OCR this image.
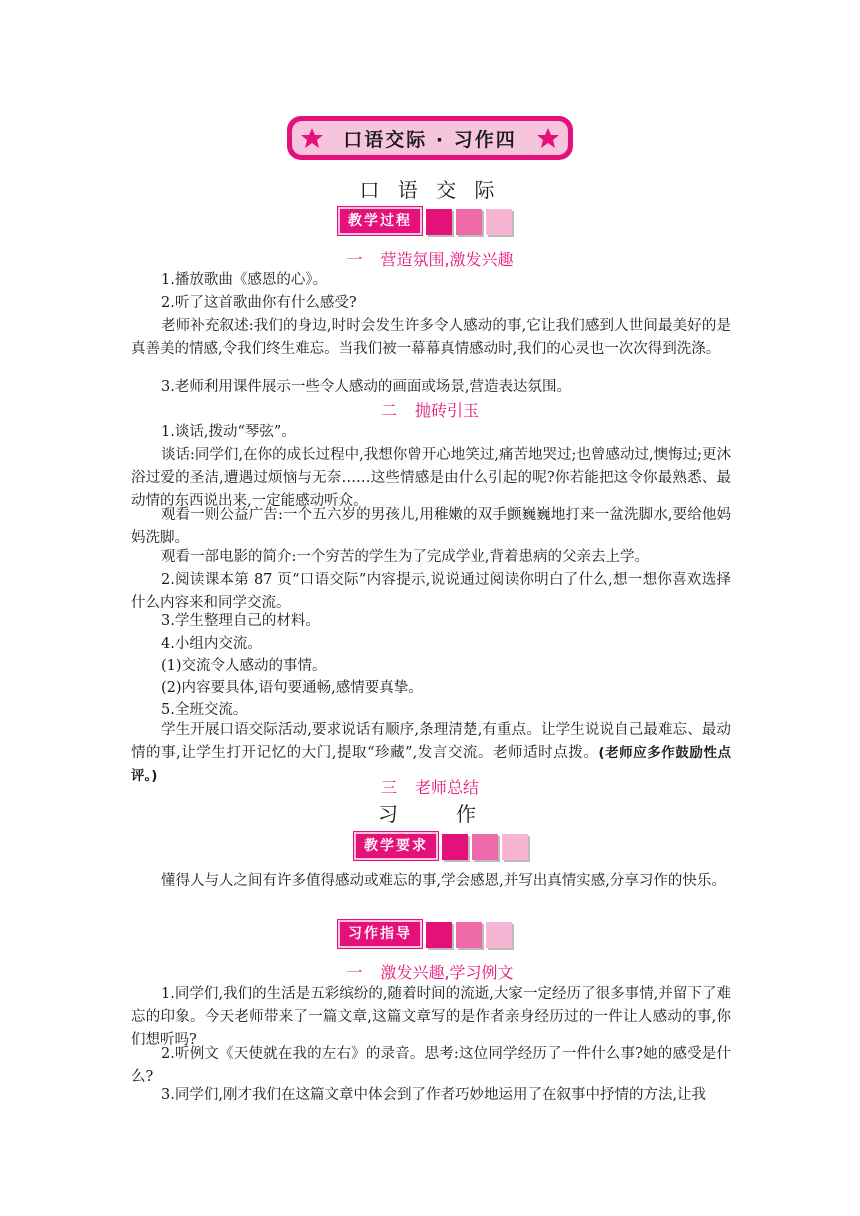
口语交际 · 习作四
口 语 交 际
教学过程
一 营造氛围,激发兴趣

1.播放歌曲《感恩的心》。

2.听了这首歌曲你有什么感受?

老师补充叙述:我们的身边,时时会发生许多令人感动的事,它让我们感到人世间最美好的是真善美的情感,令我们终生难忘。当我们被一幕幕真情感动时,我们的心灵也一次次得到洗涤。

3.老师利用课件展示一些令人感动的画面或场景,营造表达氛围。

二 抛砖引玉

1.谈话,拨动“琴弦”。

谈话:同学们,在你的成长过程中,我想你曾开心地笑过,痛苦地哭过;也曾感动过,懊悔过;更沐浴过爱的圣洁,遭遇过烦恼与无奈……这些情感是由什么引起的呢?你若能把这令你最熟悉、最动情的东西说出来,一定能感动听众。

观看一则公益广告:一个五六岁的男孩儿,用稚嫩的双手颤巍巍地打来一盆洗脚水,要给他妈妈洗脚。

观看一部电影的简介:一个穷苦的学生为了完成学业,背着患病的父亲去上学。

2.阅读课本第 87 页“口语交际”内容提示,说说通过阅读你明白了什么,想一想你喜欢选择什么内容来和同学交流。

3.学生整理自己的材料。

4.小组内交流。

(1)交流令人感动的事情。

(2)内容要具体,语句要通畅,感情要真挚。

5.全班交流。

学生开展口语交际活动,要求说话有顺序,条理清楚,有重点。让学生说说自己最难忘、最动情的事,让学生打开记忆的大门,提取“珍藏”,发言交流。老师适时点拨。(老师应多作鼓励性点评。)

三 老师总结
习　　作
教学要求

懂得人与人之间有许多值得感动或难忘的事,学会感恩,并写出真情实感,分享习作的快乐。

习作指导
一 激发兴趣,学习例文

1.同学们,我们的生活是五彩缤纷的,随着时间的流逝,大家一定经历了很多事情,并留下了难忘的印象。今天老师带来了一篇文章,这篇文章写的是作者亲身经历过的一件让人感动的事,你们想听吗?

2.听例文《天使就在我的左右》的录音。思考:这位同学经历了一件什么事?她的感受是什么?

3.同学们,刚才我们在这篇文章中体会到了作者巧妙地运用了在叙事中抒情的方法,让我
